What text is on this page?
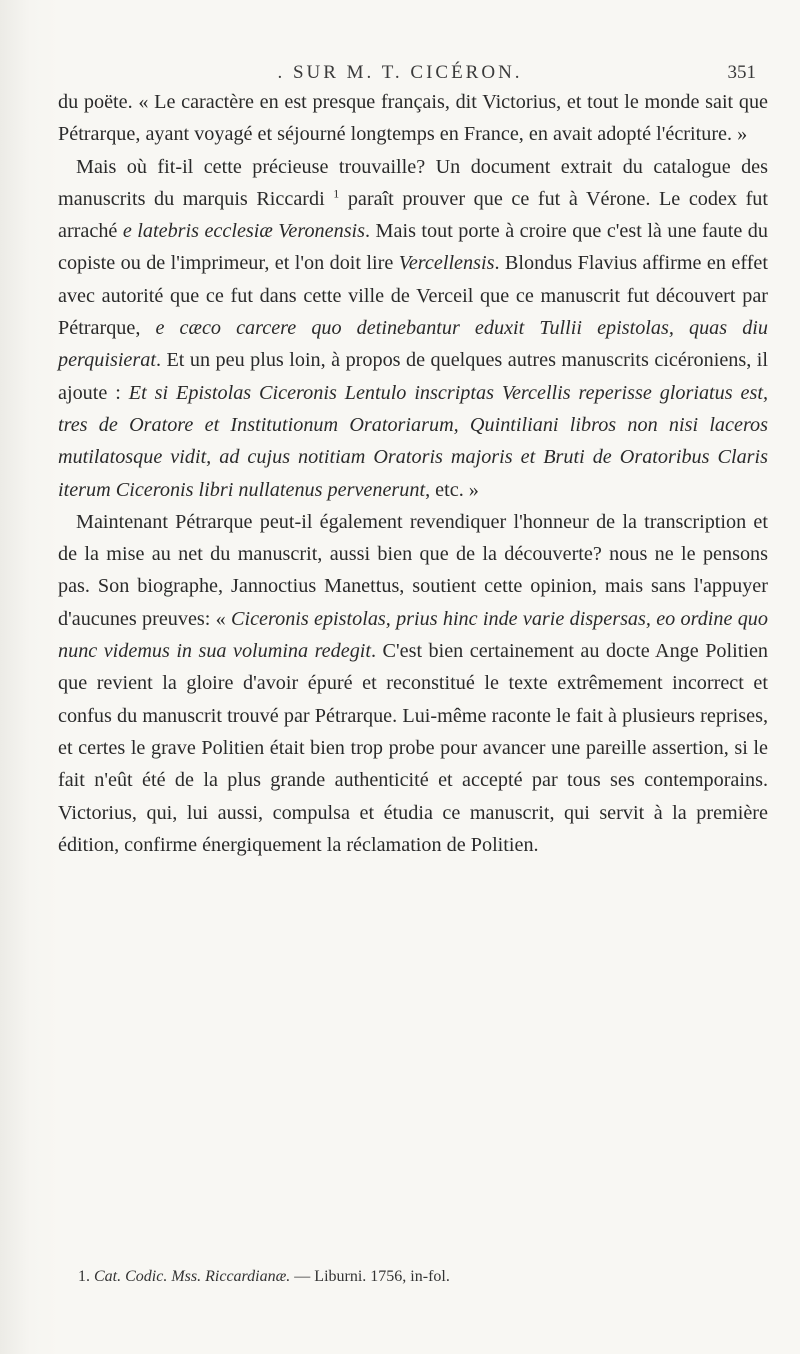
. SUR M. T. CICÉRON.	351

du poëte. « Le caractère en est presque français, dit Victorius, et tout le monde sait que Pétrarque, ayant voyagé et séjourné longtemps en France, en avait adopté l'écriture. »

Mais où fit-il cette précieuse trouvaille? Un document extrait du catalogue des manuscrits du marquis Riccardi $^1$ paraît prouver que ce fut à Vérone. Le codex fut arraché e latebris ecclesiæ Veronensis. Mais tout porte à croire que c'est là une faute du copiste ou de l'imprimeur, et l'on doit lire Vercellensis. Blondus Flavius affirme en effet avec autorité que ce fut dans cette ville de Verceil que ce manuscrit fut découvert par Pétrarque, e cæco carcere quo detinebantur eduxit Tullii epistolas, quas diu perquisierat. Et un peu plus loin, à propos de quelques autres manuscrits cicéroniens, il ajoute : Et si Epistolas Ciceronis Lentulo inscriptas Vercellis reperisse gloriatus est, tres de Oratore et Institutionum Oratoriarum, Quintiliani libros non nisi laceros mutilatosque vidit, ad cujus notitiam Oratoris majoris et Bruti de Oratoribus Claris iterum Ciceronis libri nullatenus pervenerunt, etc. »

Maintenant Pétrarque peut-il également revendiquer l'honneur de la transcription et de la mise au net du manuscrit, aussi bien que de la découverte? nous ne le pensons pas. Son biographe, Jannoctius Manettus, soutient cette opinion, mais sans l'appuyer d'aucunes preuves: « Ciceronis epistolas, prius hinc inde varie dispersas, eo ordine quo nunc videmus in sua volumina redegit. C'est bien certainement au docte Ange Politien que revient la gloire d'avoir épuré et reconstitué le texte extrêmement incorrect et confus du manuscrit trouvé par Pétrarque. Lui-même raconte le fait à plusieurs reprises, et certes le grave Politien était bien trop probe pour avancer une pareille assertion, si le fait n'eût été de la plus grande authenticité et accepté par tous ses contemporains. Victorius, qui, lui aussi, compulsa et étudia ce manuscrit, qui servit à la première édition, confirme énergiquement la réclamation de Politien.

1. Cat. Codic. Mss. Riccardianæ. — Liburni. 1756, in-fol.
